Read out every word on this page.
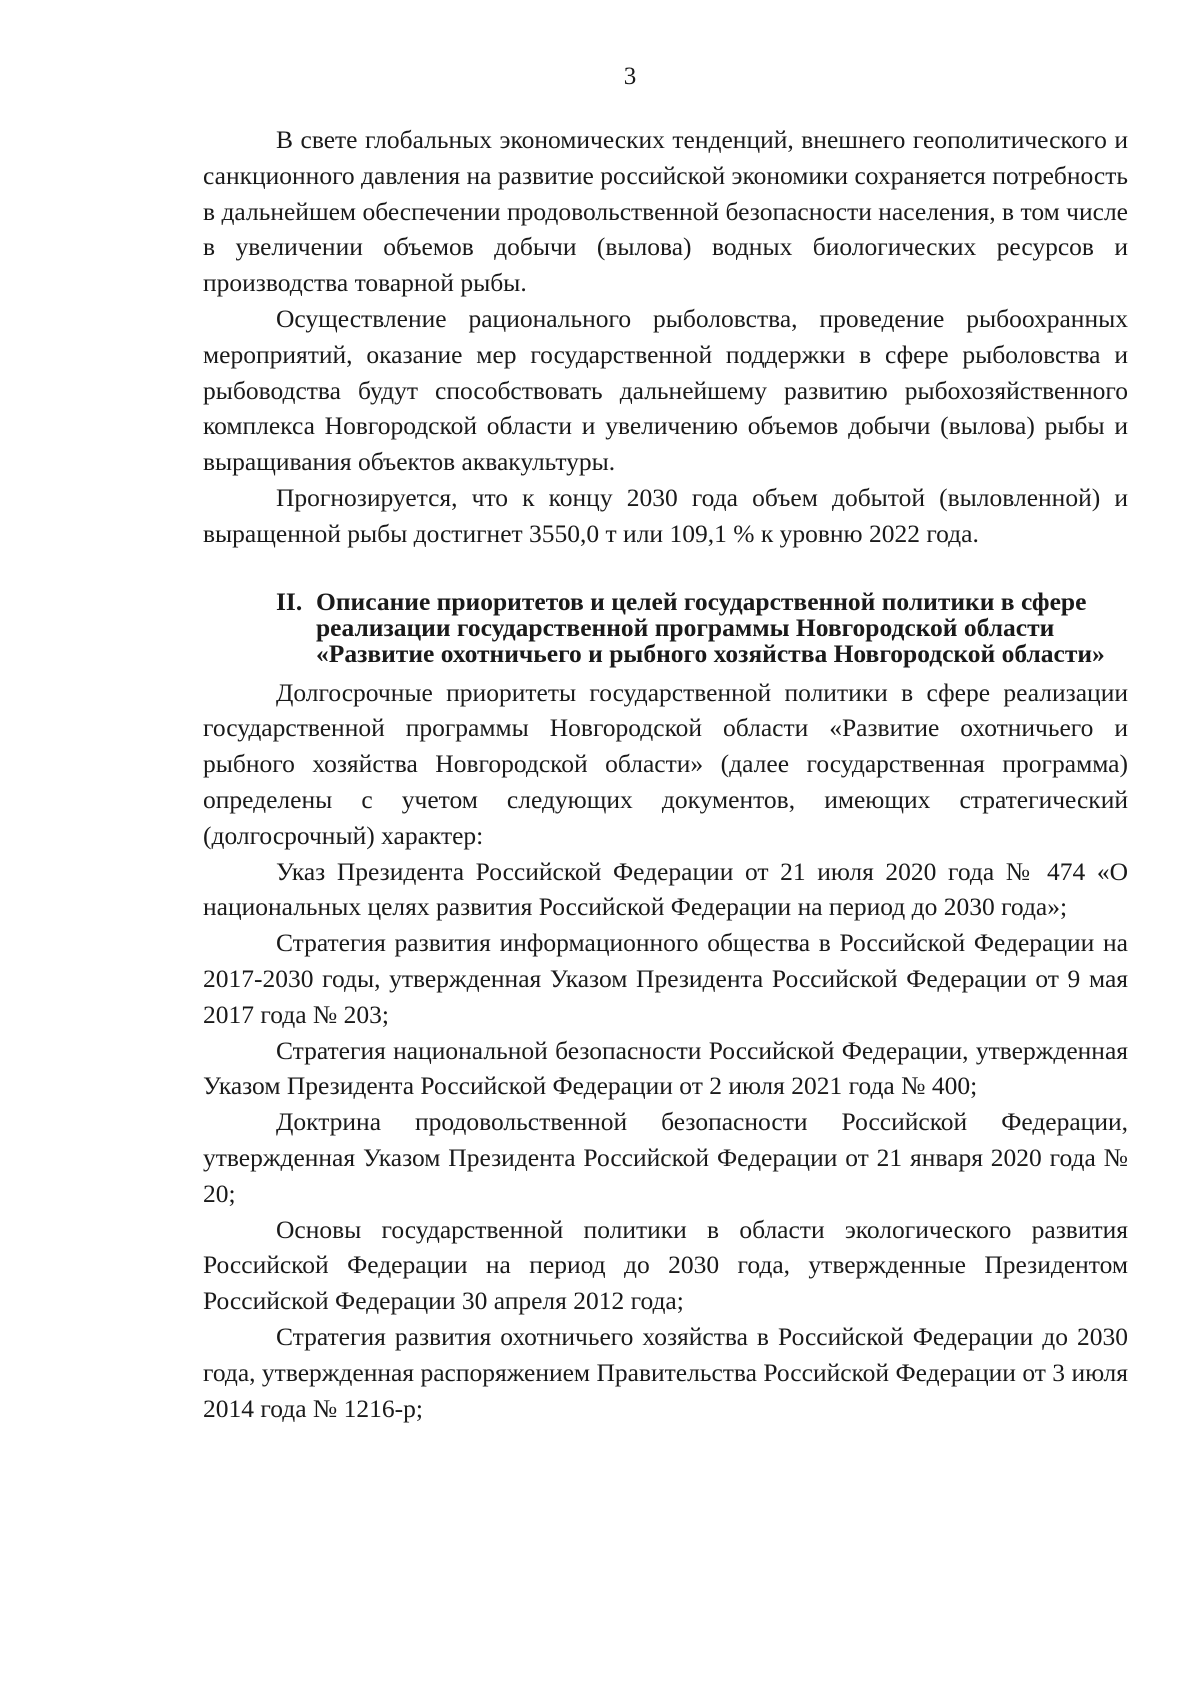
3

В свете глобальных экономических тенденций, внешнего геополитического и санкционного давления на развитие российской экономики сохраняется потребность в дальнейшем обеспечении продовольственной безопасности населения, в том числе в увеличении объемов добычи (вылова) водных биологических ресурсов и производства товарной рыбы.

Осуществление рационального рыболовства, проведение рыбоохранных мероприятий, оказание мер государственной поддержки в сфере рыболовства и рыбоводства будут способствовать дальнейшему развитию рыбохозяйственного комплекса Новгородской области и увеличению объемов добычи (вылова) рыбы и выращивания объектов аквакультуры.

Прогнозируется, что к концу 2030 года объем добытой (выловленной) и выращенной рыбы достигнет 3550,0 т или 109,1 % к уровню 2022 года.

II. Описание приоритетов и целей государственной политики в сфере реализации государственной программы Новгородской области «Развитие охотничьего и рыбного хозяйства Новгородской области»

Долгосрочные приоритеты государственной политики в сфере реализации государственной программы Новгородской области «Развитие охотничьего и рыбного хозяйства Новгородской области» (далее государственная программа) определены с учетом следующих документов, имеющих стратегический (долгосрочный) характер:

Указ Президента Российской Федерации от 21 июля 2020 года № 474 «О национальных целях развития Российской Федерации на период до 2030 года»;

Стратегия развития информационного общества в Российской Федерации на 2017-2030 годы, утвержденная Указом Президента Российской Федерации от 9 мая 2017 года № 203;

Стратегия национальной безопасности Российской Федерации, утвержденная Указом Президента Российской Федерации от 2 июля 2021 года № 400;

Доктрина продовольственной безопасности Российской Федерации, утвержденная Указом Президента Российской Федерации от 21 января 2020 года № 20;

Основы государственной политики в области экологического развития Российской Федерации на период до 2030 года, утвержденные Президентом Российской Федерации 30 апреля 2012 года;

Стратегия развития охотничьего хозяйства в Российской Федерации до 2030 года, утвержденная распоряжением Правительства Российской Федерации от 3 июля 2014 года № 1216-р;
